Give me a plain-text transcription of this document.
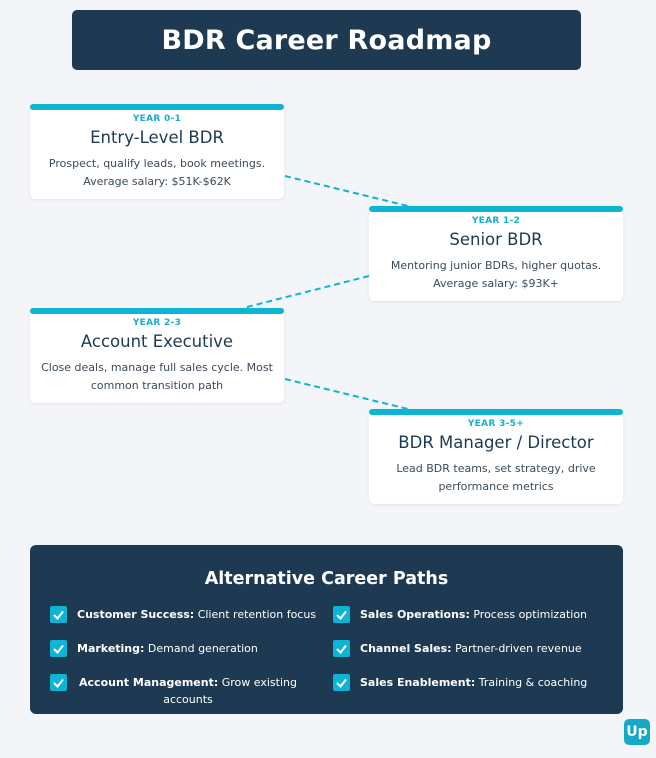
BDR Career Roadmap
YEAR 0-1
Entry-Level BDR
Prospect, qualify leads, book meetings. Average salary: $51K-$62K
YEAR 1-2
Senior BDR
Mentoring junior BDRs, higher quotas. Average salary: $93K+
YEAR 2-3
Account Executive
Close deals, manage full sales cycle. Most common transition path
YEAR 3-5+
BDR Manager / Director
Lead BDR teams, set strategy, drive performance metrics
Alternative Career Paths
Customer Success: Client retention focus	Sales Operations: Process optimization
Marketing: Demand generation	Channel Sales: Partner-driven revenue
Account Management: Grow existing accounts
Sales Enablement: Training & coaching
Up
